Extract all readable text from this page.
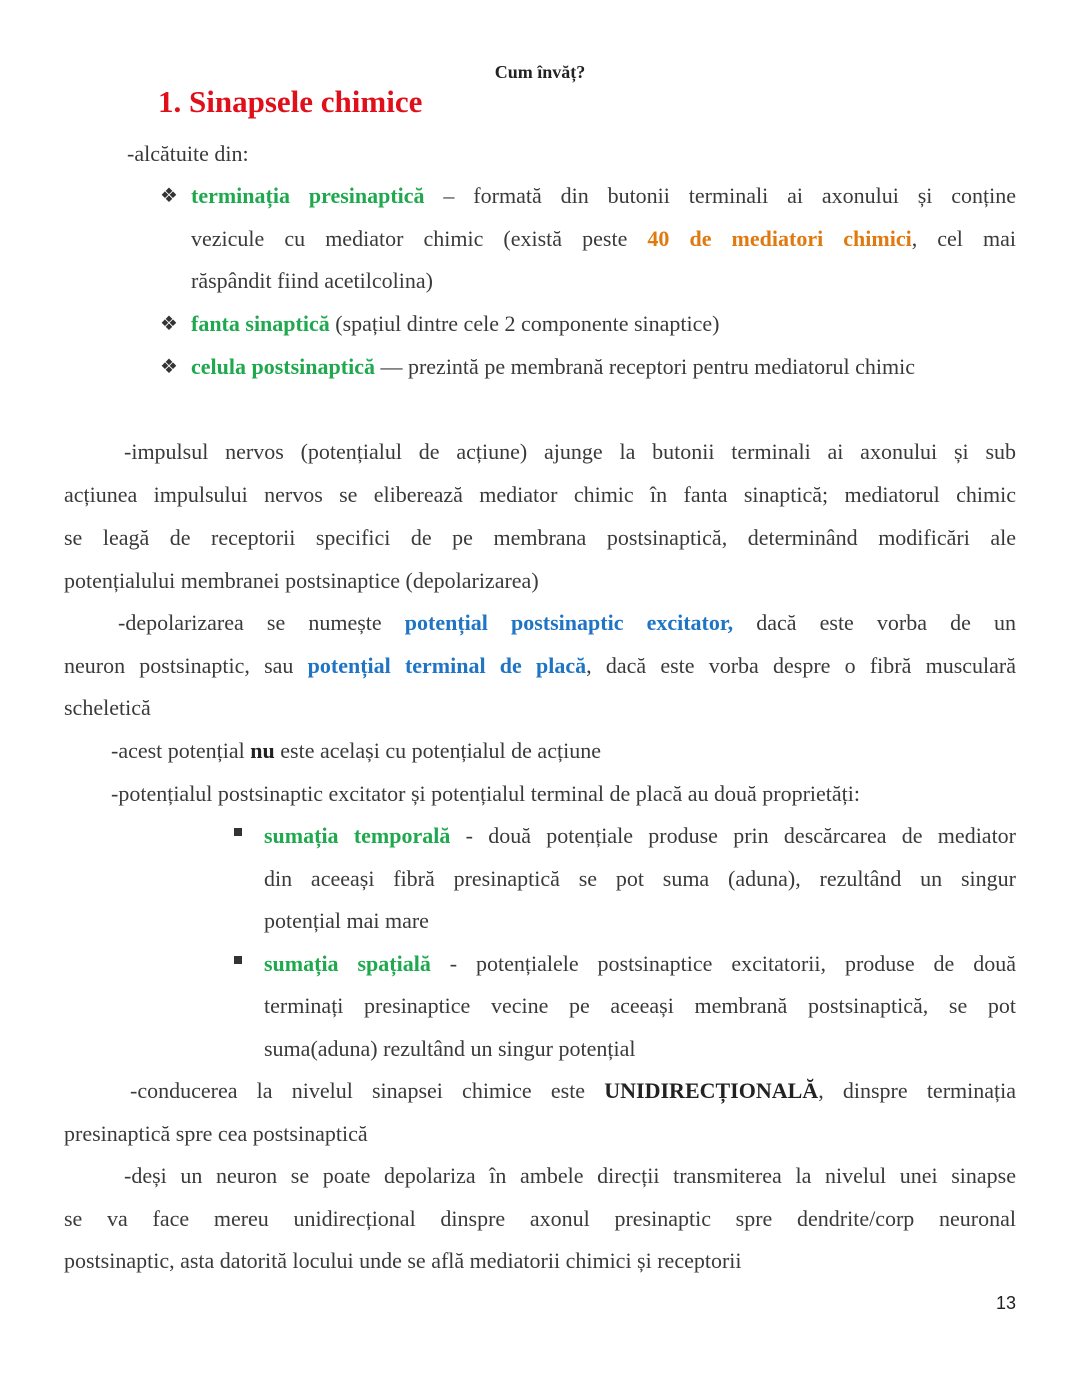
Cum învăț?
1. Sinapsele chimice
-alcătuite din:
❖ terminația presinaptică – formată din butonii terminali ai axonului și conține
vezicule cu mediator chimic (există peste 40 de mediatori chimici, cel mai
răspândit fiind acetilcolina)
❖ fanta sinaptică (spațiul dintre cele 2 componente sinaptice)
❖ celula postsinaptică — prezintă pe membrană receptori pentru mediatorul chimic
-impulsul nervos (potențialul de acțiune) ajunge la butonii terminali ai axonului și sub
acțiunea impulsului nervos se eliberează mediator chimic în fanta sinaptică; mediatorul chimic
se leagă de receptorii specifici de pe membrana postsinaptică, determinând modificări ale
potențialului membranei postsinaptice (depolarizarea)
-depolarizarea se numește potențial postsinaptic excitator, dacă este vorba de un
neuron postsinaptic, sau potențial terminal de placă, dacă este vorba despre o fibră musculară
scheletică
-acest potențial nu este același cu potențialul de acțiune
-potențialul postsinaptic excitator și potențialul terminal de placă au două proprietăți:
sumația temporală - două potențiale produse prin descărcarea de mediator
din aceeași fibră presinaptică se pot suma (aduna), rezultând un singur
potențial mai mare
sumația spațială - potențialele postsinaptice excitatorii, produse de două
terminați presinaptice vecine pe aceeași membrană postsinaptică, se pot
suma(aduna) rezultând un singur potențial
-conducerea la nivelul sinapsei chimice este UNIDIRECȚIONALĂ, dinspre terminația
presinaptică spre cea postsinaptică
-deși un neuron se poate depolariza în ambele direcții transmiterea la nivelul unei sinapse
se va face mereu unidirecțional dinspre axonul presinaptic spre dendrite/corp neuronal
postsinaptic, asta datorită locului unde se află mediatorii chimici și receptorii
13
